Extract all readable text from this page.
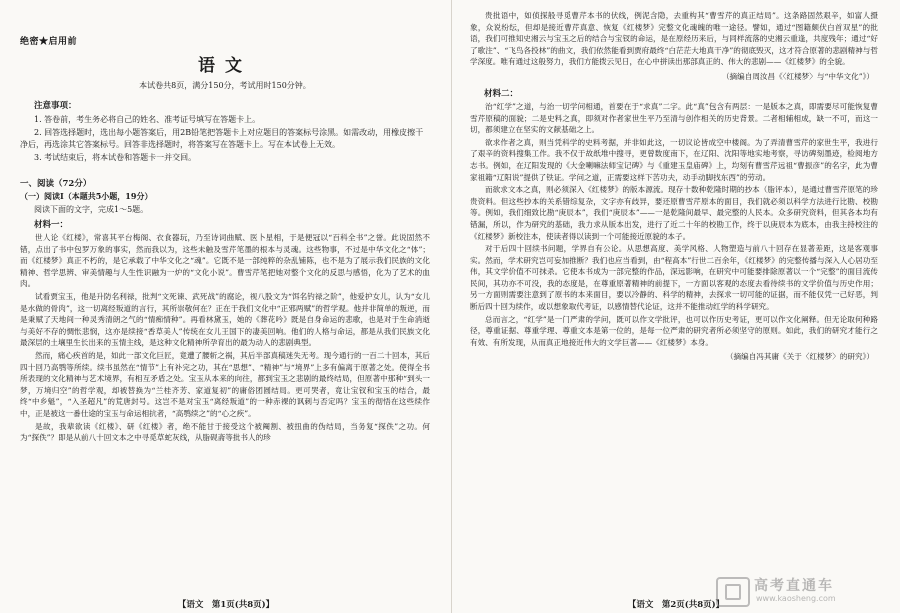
绝密★启用前
语文
本试卷共8页，满分150分，考试用时150分钟。
注意事项：

1. 答卷前，考生务必将自己的姓名、准考证号填写在答题卡上。

2. 回答选择题时，选出每小题答案后，用2B铅笔把答题卡上对应题目的答案标号涂黑。如需改动，用橡皮擦干净后，再选涂其它答案标号。回答非选择题时，将答案写在答题卡上。写在本试卷上无效。

3. 考试结束后，将本试卷和答题卡一并交回。

一、阅读（72分）
（一）阅读Ⅰ（本题共5小题，19分）
阅读下面的文字，完成1～5题。
材料一：

世人论《红楼》，常喜其平台梅阁、衣食器玩，乃至诗词曲赋、医卜星相，于是便冠以“百科全书”之誉。此说固然不错，点出了书中包罗万象的事实，然而我以为，这些未触及雪芹笔墨的根本与灵魂。这些物事，不过是中华文化之“体”；而《红楼梦》真正不朽的，是它承载了中华文化之“魂”。它既不是一部纯粹的杂乱铺陈，也不是为了展示我们民族的文化精神、哲学思辨、审美情趣与人生性识融为一炉的“文化小说”。曹雪芹笔把她对整个文化的反思与感悟，化为了艺术的血肉。

试看贾宝玉，他是升防名利禄，批判“文死谏、武死战”的腐论，视八股文为“饵名钓禄之阶”，他爱护女儿，认为“女儿是水做的骨肉”，这一切离经叛道的言行，其所崇敬何在？正在于我们文化中“正邪两赋”的哲学观。他并非简单的叛逆，而是秉赋了天地间一种灵秀清朗之气的“情痴情种”。再看林黛玉，她的《葬花吟》既是自身命运的悲歌，也是对于生命消逝与美好不存的惆怅悲悯，这亦是续接“香草美人”传统在女儿王国下的凄美回响。他们的人格与命运，都是从我们民族文化最深层的土壤里生长出来的玉情主线，是这种文化精神所孕育出的最为动人的悲剧典型。

然而，痛心疾首的是，如此一部文化巨匠，竟遭了腰斩之祸，其后半部真稿迷失无考。现今通行的一百二十回本，其后四十回乃高鹗等所续。续书虽然在“情节”上有补完之功，其在“思想”、“精神”与“境界”上多有偏离于原著之处。使得全书所表现的文化精神与艺术境界，有相互矛盾之处。宝玉从本来的向往，都到宝玉之悲剧的最终结局，但原著中那种“到头一梦，万境归空”的哲学观，却被替换为“兰桂齐芳、家道复初”的庸俗团圆结局。更可哭者，竟让宝钗和宝玉的结合，最终“中乡魁”，“入圣超凡”的荒唐封号。这岂不是对宝玉“离经叛道”的一种赤裸的讽刺与否定吗？宝玉的彻悟在这些续作中，正是被这一番仕途的宝玉与命运相抗者，“高鹗续之”的“心之疾”。

是故，我辈欲读《红楼》、研《红楼》者，绝不能甘于接受这个被阉割、被扭曲的伪结局，当务复“探佚”之功。何为“探佚”？即是从前八十回文本之中寻觅草蛇灰线，从脂砚斋等批书人的珍

【语文　第1页(共8页)】

贵批语中，如侦探般寻觅曹芹本书的伏线，例泥含隐，去重构其“曹雪芹的真正结局”。这条路固然艰辛，如富人摄象，众说纷纭，但却是接近曹芹真意、恢复《红楼梦》完整文化魂魄的唯一途径。譬如，通过“图籍颇伏白首双星”的批语，我们可推知史湘云与宝玉之后的结合与宝钗的命运，是在原经历来后，与同样流落的史湘云重逢，共度残年；通过“好了歌注”、“飞鸟各投林”的曲文，我们依然能看到贾府最终“白茫茫大地真干净”的彻底毁灭，这才符合原著的悲剧精神与哲学深度。唯有通过这般努力，我们方能拨云见日，在心中拼读出那部真正的、伟大的悲剧——《红楼梦》的全貌。

（摘编自周汝昌《〈红楼梦〉与“中华文化”》）
材料二：

治“红学”之道，与治一切学问相通，首要在于“求真”二字。此“真”包含有两层：一是版本之真，即需要尽可能恢复曹雪芹原稿的面貌；二是史料之真，即须对作者家世生平乃至清与创作相关的历史背景。二者相辅相成，缺一不可，而这一切，都须建立在坚实的文献基础之上。

欲求作者之真，则当凭科学的史料考据，并非如此这，一切议论皆成空中楼阁。为了弄清曹雪芹的家世生平，我进行了艰辛的资料搜集工作。我不仅于故纸堆中搜寻，更曾数度南下，在辽阳、沈阳等地实地考察，寻访碑刻墨迹，检阅地方志书。例如，在辽阳发现的《大金喇嘛法师宝记碑》与《重建玉皇庙碑》上，均刻有曹雪芹远祖“曹振彦”的名字，此为曹家祖籍“辽阳说”提供了铁证。学问之道，正需要这样下苦功夫，动手动脚找东西”的劳动。

而欲求文本之真，则必须深入《红楼梦》的版本源流。现存十数种乾隆时期的抄本（脂评本），是通过曹雪芹原笔的珍贵资料。但这些抄本的关系错综复杂，文字亦有歧异，要还原曹雪芹原本的面目，我们就必须以科学方法进行比勘、校勘等。例如，我们细致比勘“庚辰本”，我们“庚辰本”——一是乾隆间最早、最完整的人民本。众多研究资料，但其各本均有错漏，所以，作为研究的基础，我力求从版本出发，进行了近二十年的校勘工作，终于以庚辰本为底本，由我主持校注的《红楼梦》新校注本，使读者得以读到一个可能接近原貌的本子。

对于后四十回续书问题，学界自有公论。从思想高度、美学风格、人物塑造与前八十回存在显著差距，这是客观事实。然而，学术研究岂可妄加推断？我们也应当看到，由“程高本”行世二百余年，《红楼梦》的完整传播与深入人心居功至伟，其文学价值不可抹杀。它使本书成为一部完整的作品，深远影响，在研究中可能要排除原著以一个“完整”的面目流传民间，其功亦不可没，我的态度是，在尊重原著精神的前提下，一方面以客观的态度去看待续书的文学价值与历史作用；另一方面则需要注意到了原书的本来面目，要以冷静的、科学的精神，去探求一切可能的证据，而不能仅凭一己好恶，判断后四十回为续作，或以想象取代考证，以感情替代论证，这并不能推动红学的科学研究。

总而言之，“红学”是一门严肃的学问，既可以作文学批评，也可以作历史考证，更可以作文化阐释。但无论取何种路径，尊重证据、尊重学理、尊重文本是第一位的，是每一位严肃的研究者所必须坚守的原则。如此，我们的研究才能行之有效、有所发现，从而真正地接近伟大的文学巨著——《红楼梦》本身。

（摘编自冯其庸《关于〈红楼梦〉的研究》）
【语文　第2页(共8页)】
高考直通车
www.kaosheng.com
